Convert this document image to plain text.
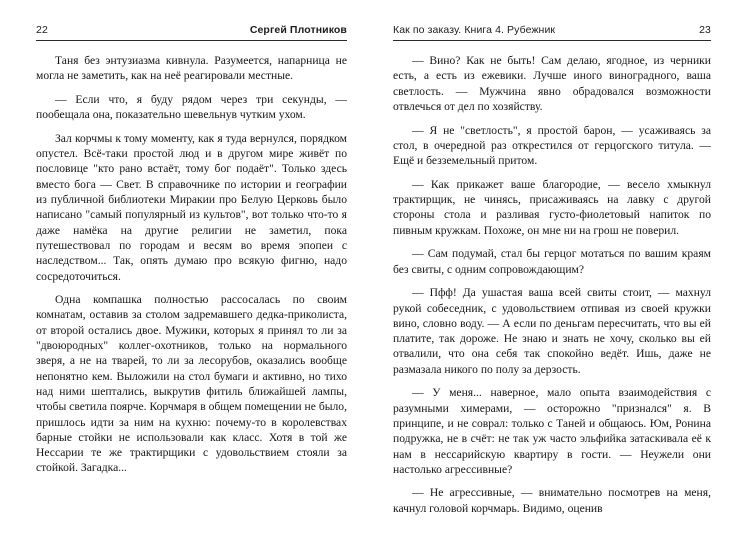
22	Сергей Плотников

Таня без энтузиазма кивнула. Разумеется, напарница не могла не заметить, как на неё реагировали местные.

— Если что, я буду рядом через три секунды, — пообещала она, показательно шевельнув чутким ухом.

Зал корчмы к тому моменту, как я туда вернулся, порядком опустел. Всё-таки простой люд и в другом мире живёт по пословице "кто рано встаёт, тому бог подаёт". Только здесь вместо бога — Свет. В справочнике по истории и географии из публичной библиотеки Миракии про Белую Церковь было написано "самый популярный из культов", вот только что-то я даже намёка на другие религии не заметил, пока путешествовал по городам и весям во время эпопеи с наследством... Так, опять думаю про всякую фигню, надо сосредоточиться.

Одна компашка полностью рассосалась по своим комнатам, оставив за столом задремавшего дедка-приколиста, от второй остались двое. Мужики, которых я принял то ли за "двоюродных" коллег-охотников, только на нормального зверя, а не на тварей, то ли за лесорубов, оказались вообще непонятно кем. Выложили на стол бумаги и активно, но тихо над ними шептались, выкрутив фитиль ближайшей лампы, чтобы светила поярче. Корчмаря в общем помещении не было, пришлось идти за ним на кухню: почему-то в королевствах барные стойки не использовали как класс. Хотя в той же Нессарии те же трактирщики с удовольствием стояли за стойкой. Загадка...

Как по заказу. Книга 4. Рубежник	23

— Вино? Как не быть! Сам делаю, ягодное, из черники есть, а есть из ежевики. Лучше иного виноградного, ваша светлость. — Мужчина явно обрадовался возможности отвлечься от дел по хозяйству.

— Я не "светлость", я простой барон, — усаживаясь за стол, в очередной раз открестился от герцогского титула. — Ещё и безземельный притом.

— Как прикажет ваше благородие, — весело хмыкнул трактирщик, не чинясь, присаживаясь на лавку с другой стороны стола и разливая густо-фиолетовый напиток по пивным кружкам. Похоже, он мне ни на грош не поверил.

— Сам подумай, стал бы герцог мотаться по вашим краям без свиты, с одним сопровождающим?

— Пфф! Да ушастая ваша всей свиты стоит, — махнул рукой собеседник, с удовольствием отпивая из своей кружки вино, словно воду. — А если по деньгам пересчитать, что вы ей платите, так дороже. Не знаю и знать не хочу, сколько вы ей отвалили, что она себя так спокойно ведёт. Ишь, даже не размазала никого по полу за дерзость.

— У меня... наверное, мало опыта взаимодействия с разумными химерами, — осторожно "признался" я. В принципе, и не соврал: только с Таней и общаюсь. Юм, Ронина подружка, не в счёт: не так уж часто эльфийка затаскивала её к нам в нессарийскую квартиру в гости. — Неужели они настолько агрессивные?

— Не агрессивные, — внимательно посмотрев на меня, качнул головой корчмарь. Видимо, оценив
